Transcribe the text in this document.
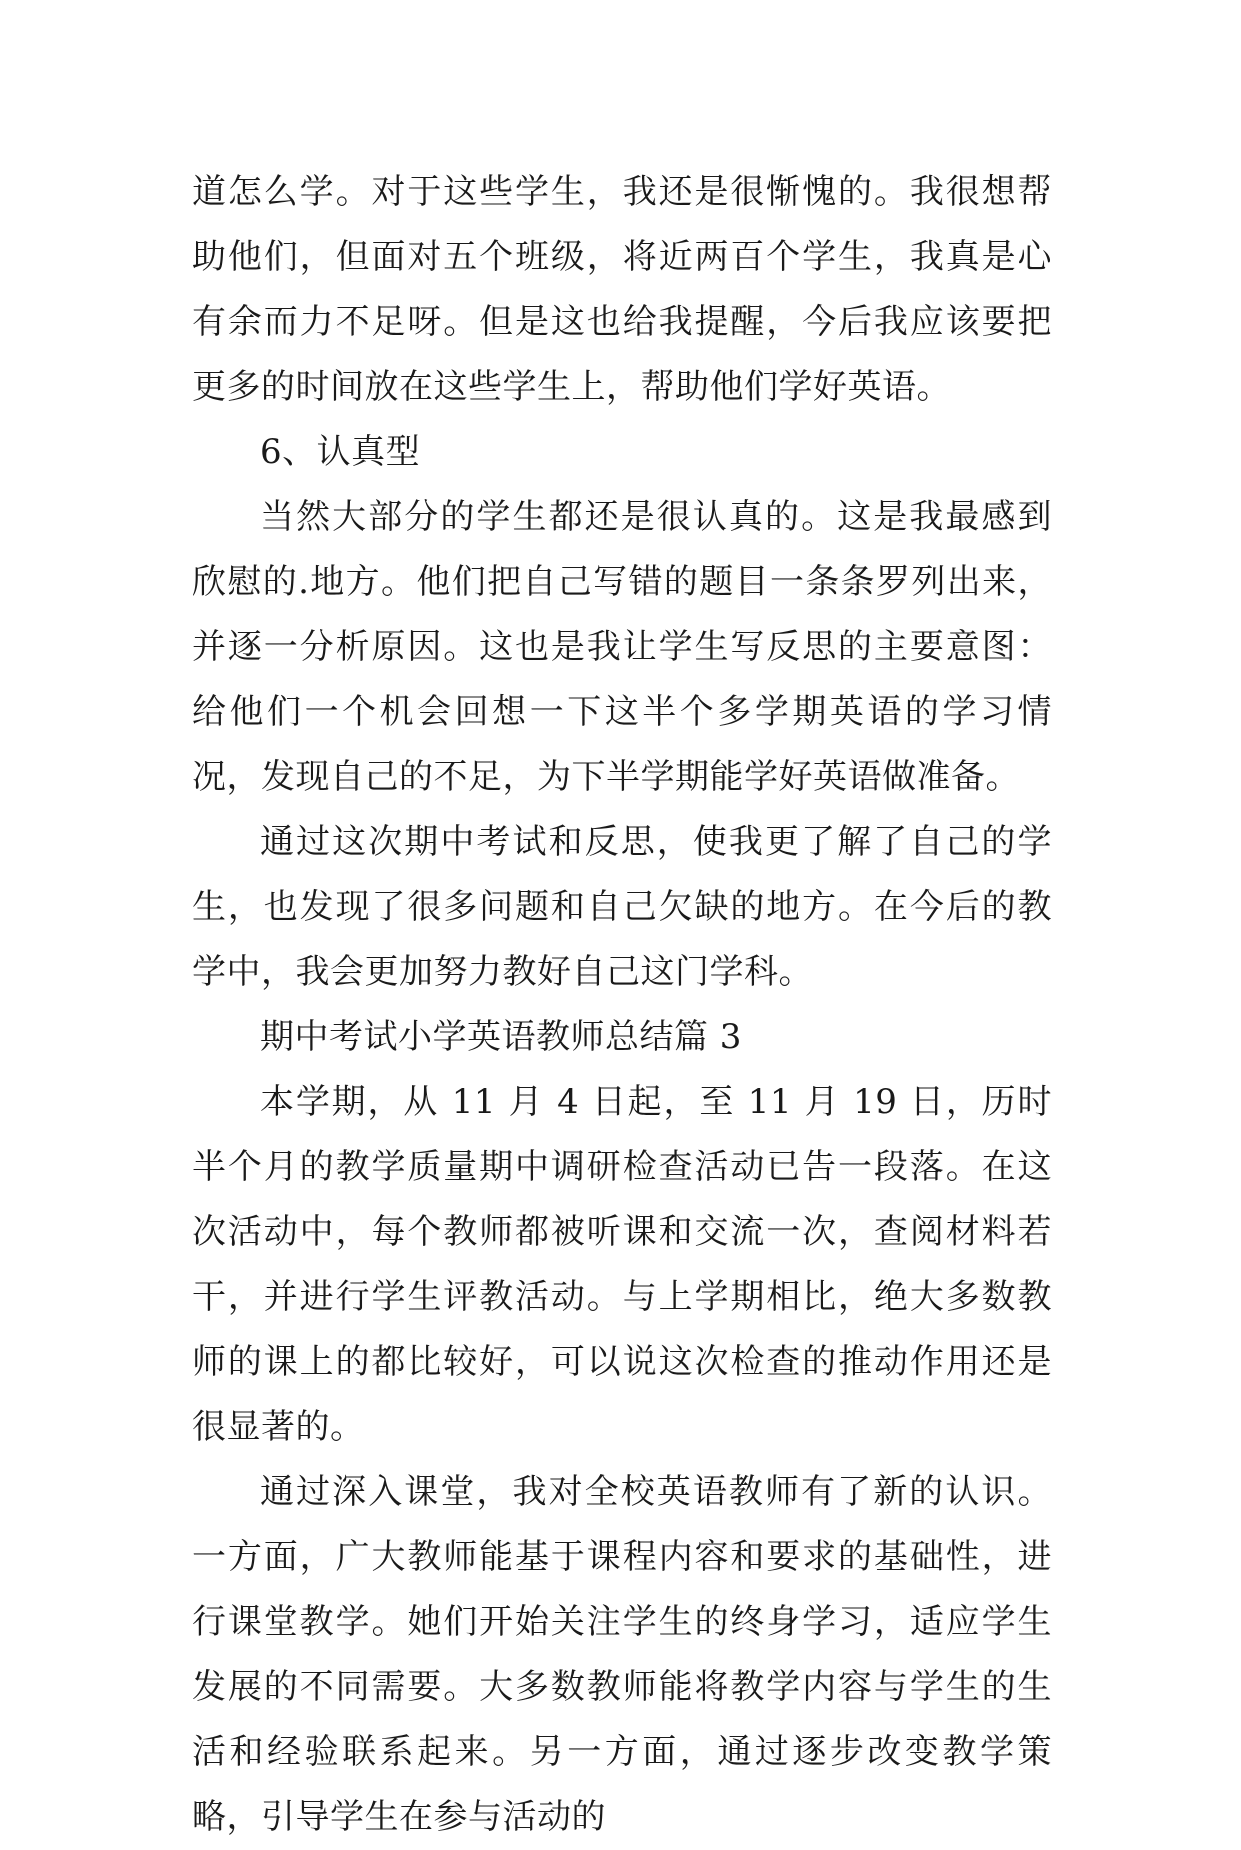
道怎么学。对于这些学生，我还是很惭愧的。我很想帮助他们，但面对五个班级，将近两百个学生，我真是心有余而力不足呀。但是这也给我提醒，今后我应该要把更多的时间放在这些学生上，帮助他们学好英语。

6、认真型

当然大部分的学生都还是很认真的。这是我最感到欣慰的.地方。他们把自己写错的题目一条条罗列出来，并逐一分析原因。这也是我让学生写反思的主要意图：给他们一个机会回想一下这半个多学期英语的学习情况，发现自己的不足，为下半学期能学好英语做准备。

通过这次期中考试和反思，使我更了解了自己的学生，也发现了很多问题和自己欠缺的地方。在今后的教学中，我会更加努力教好自己这门学科。

期中考试小学英语教师总结篇 3

本学期，从 11 月 4 日起，至 11 月 19 日，历时半个月的教学质量期中调研检查活动已告一段落。在这次活动中，每个教师都被听课和交流一次，查阅材料若干，并进行学生评教活动。与上学期相比，绝大多数教师的课上的都比较好，可以说这次检查的推动作用还是很显著的。

通过深入课堂，我对全校英语教师有了新的认识。一方面，广大教师能基于课程内容和要求的基础性，进行课堂教学。她们开始关注学生的终身学习，适应学生发展的不同需要。大多数教师能将教学内容与学生的生活和经验联系起来。另一方面，通过逐步改变教学策略，引导学生在参与活动的
